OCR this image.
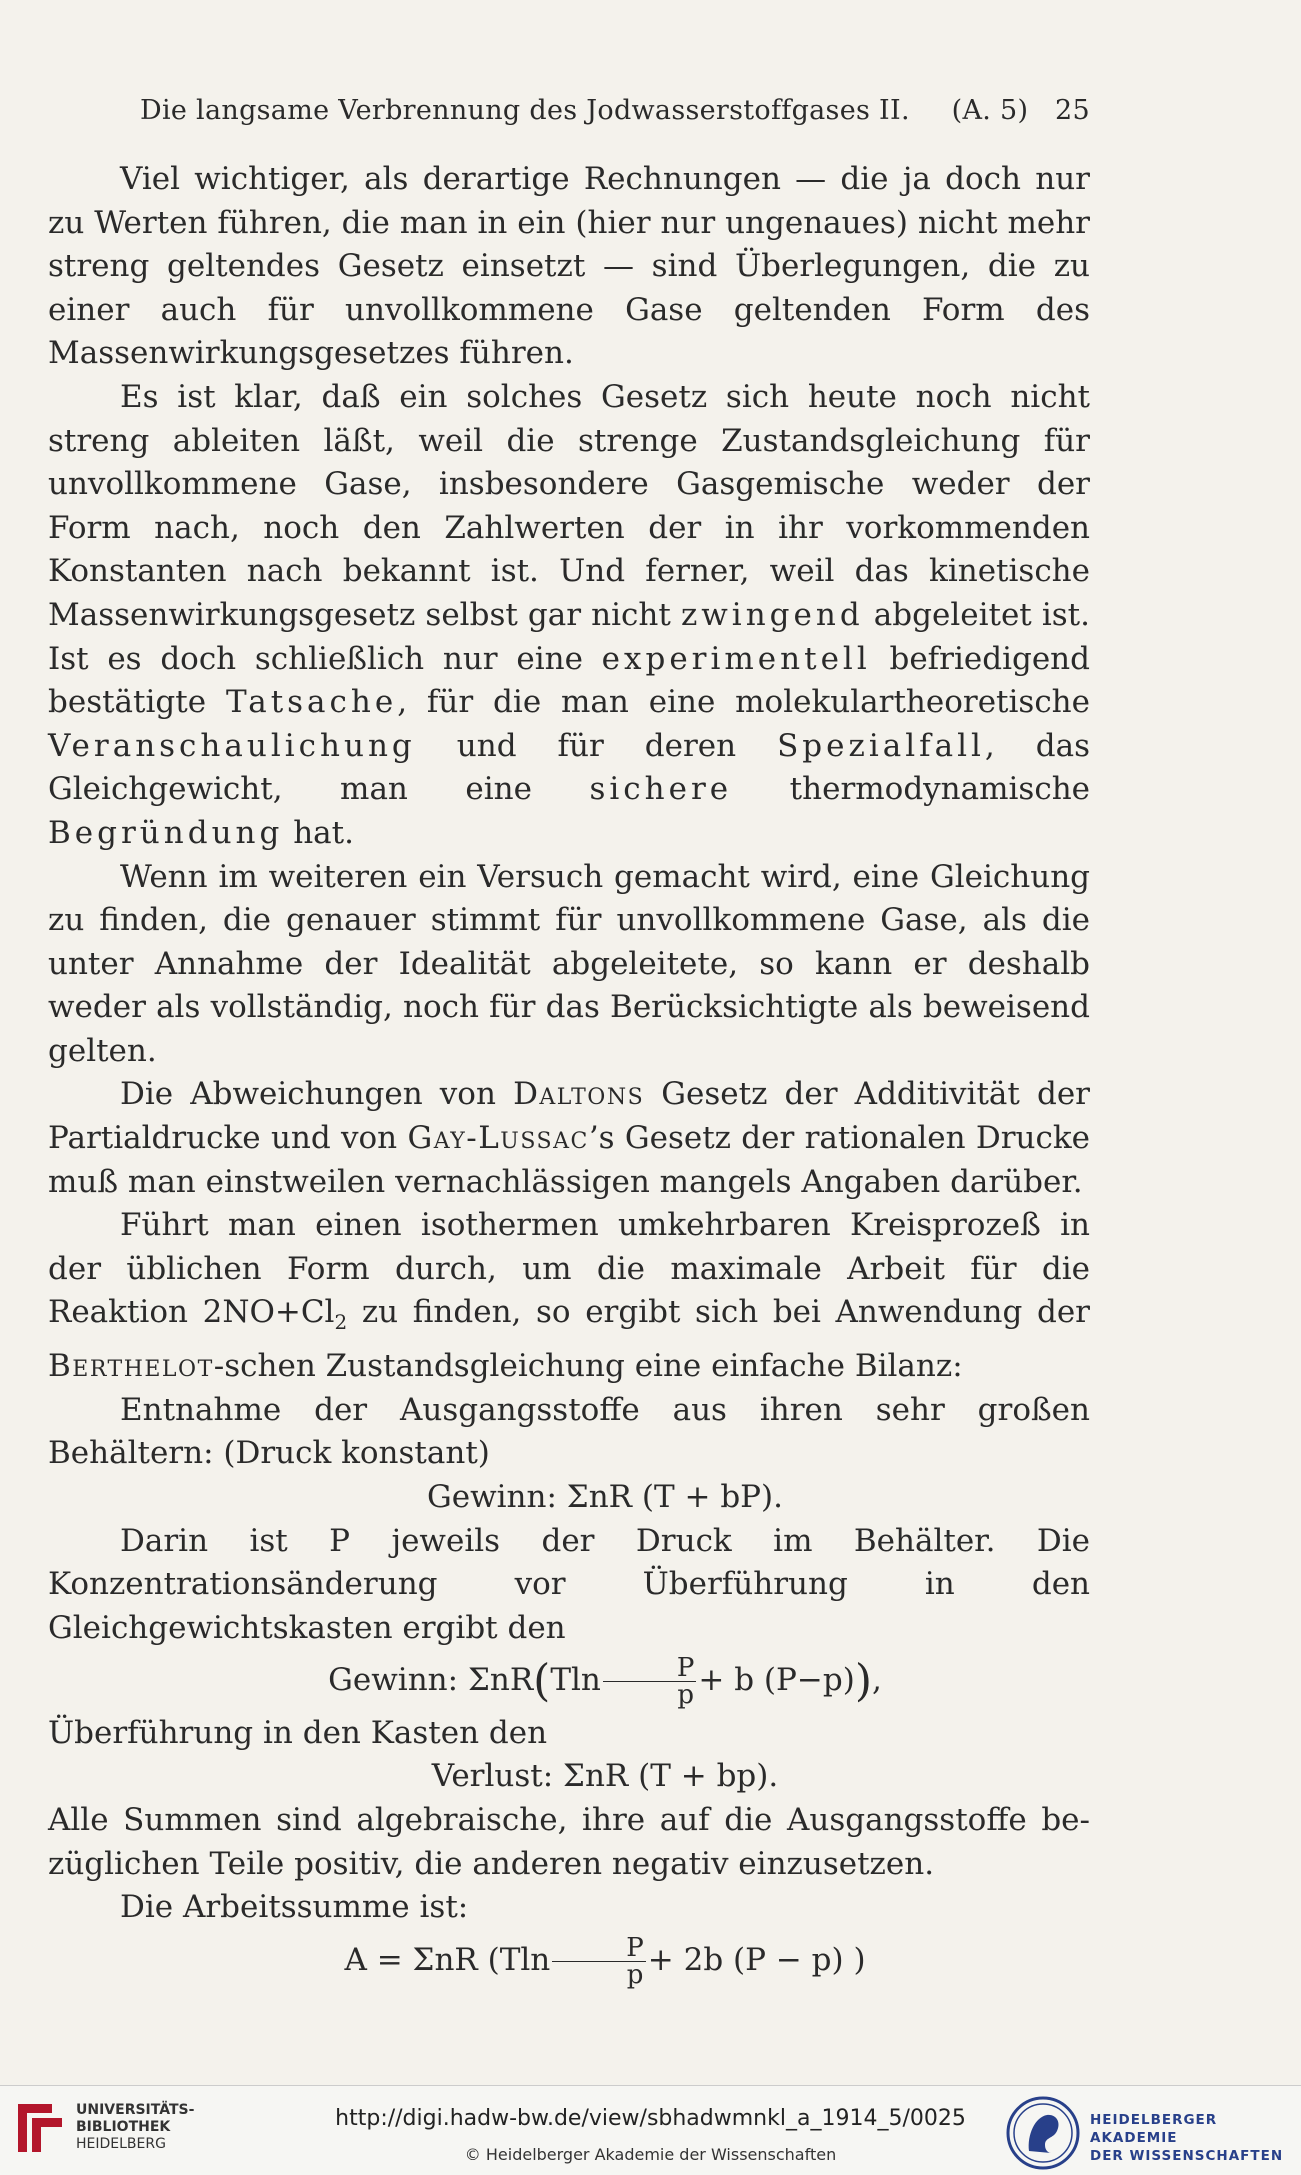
Die langsame Verbrennung des Jodwasserstoffgases II. (A. 5) 25

Viel wichtiger, als derartige Rechnungen — die ja doch nur zu Werten führen, die man in ein (hier nur ungenaues) nicht mehr streng geltendes Gesetz einsetzt — sind Überlegungen, die zu einer auch für unvollkommene Gase geltenden Form des Massenwirkungsgesetzes führen.

Es ist klar, daß ein solches Gesetz sich heute noch nicht streng ableiten läßt, weil die strenge Zustandsgleichung für unvollkommene Gase, insbesondere Gasgemische weder der Form nach, noch den Zahlwerten der in ihr vorkommenden Konstanten nach bekannt ist. Und ferner, weil das kinetische Massenwirkungsgesetz selbst gar nicht zwingend abgeleitet ist. Ist es doch schließlich nur eine experimentell befriedigend bestätigte Tatsache, für die man eine molekulartheoretische Veranschaulichung und für deren Spezialfall, das Gleichgewicht, man eine sichere thermodynamische Begründung hat.

Wenn im weiteren ein Versuch gemacht wird, eine Gleichung zu finden, die genauer stimmt für unvollkommene Gase, als die unter Annahme der Idealität abgeleitete, so kann er deshalb weder als vollständig, noch für das Berücksichtigte als beweisend gelten.

Die Abweichungen von Daltons Gesetz der Additivität der Partialdrucke und von Gay-Lussac’s Gesetz der rationalen Drucke muß man einstweilen vernachlässigen mangels Angaben darüber.

Führt man einen isothermen umkehrbaren Kreisprozeß in der üblichen Form durch, um die maximale Arbeit für die Reaktion $2NO+Cl_2$ zu finden, so ergibt sich bei Anwendung der Berthelot-schen Zustandsgleichung eine einfache Bilanz:

Entnahme der Ausgangsstoffe aus ihren sehr großen Behältern: (Druck konstant)

Gewinn: ΣnR (T + bP).

Darin ist P jeweils der Druck im Behälter. Die Konzentrationsänderung vor Überführung in den Gleichgewichtskasten ergibt den

Gewinn: $\Sigma nR(Tln \frac{P}{p} + b$ (P−p)),

Überführung in den Kasten den

Verlust: ΣnR (T + bp).

Alle Summen sind algebraische, ihre auf die Ausgangsstoffe bezüglichen Teile positiv, die anderen negativ einzusetzen.

Die Arbeitssumme ist:

A = ΣnR ($Tln \frac{P}{p} + 2b$ (P − p) )

UNIVERSITÄTS-
BIBLIOTHEK
HEIDELBERG
http://digi.hadw-bw.de/view/sbhadwmnkl_a_1914_5/0025
© Heidelberger Akademie der Wissenschaften
HEIDELBERGER AKADEMIE
DER WISSENSCHAFTEN
